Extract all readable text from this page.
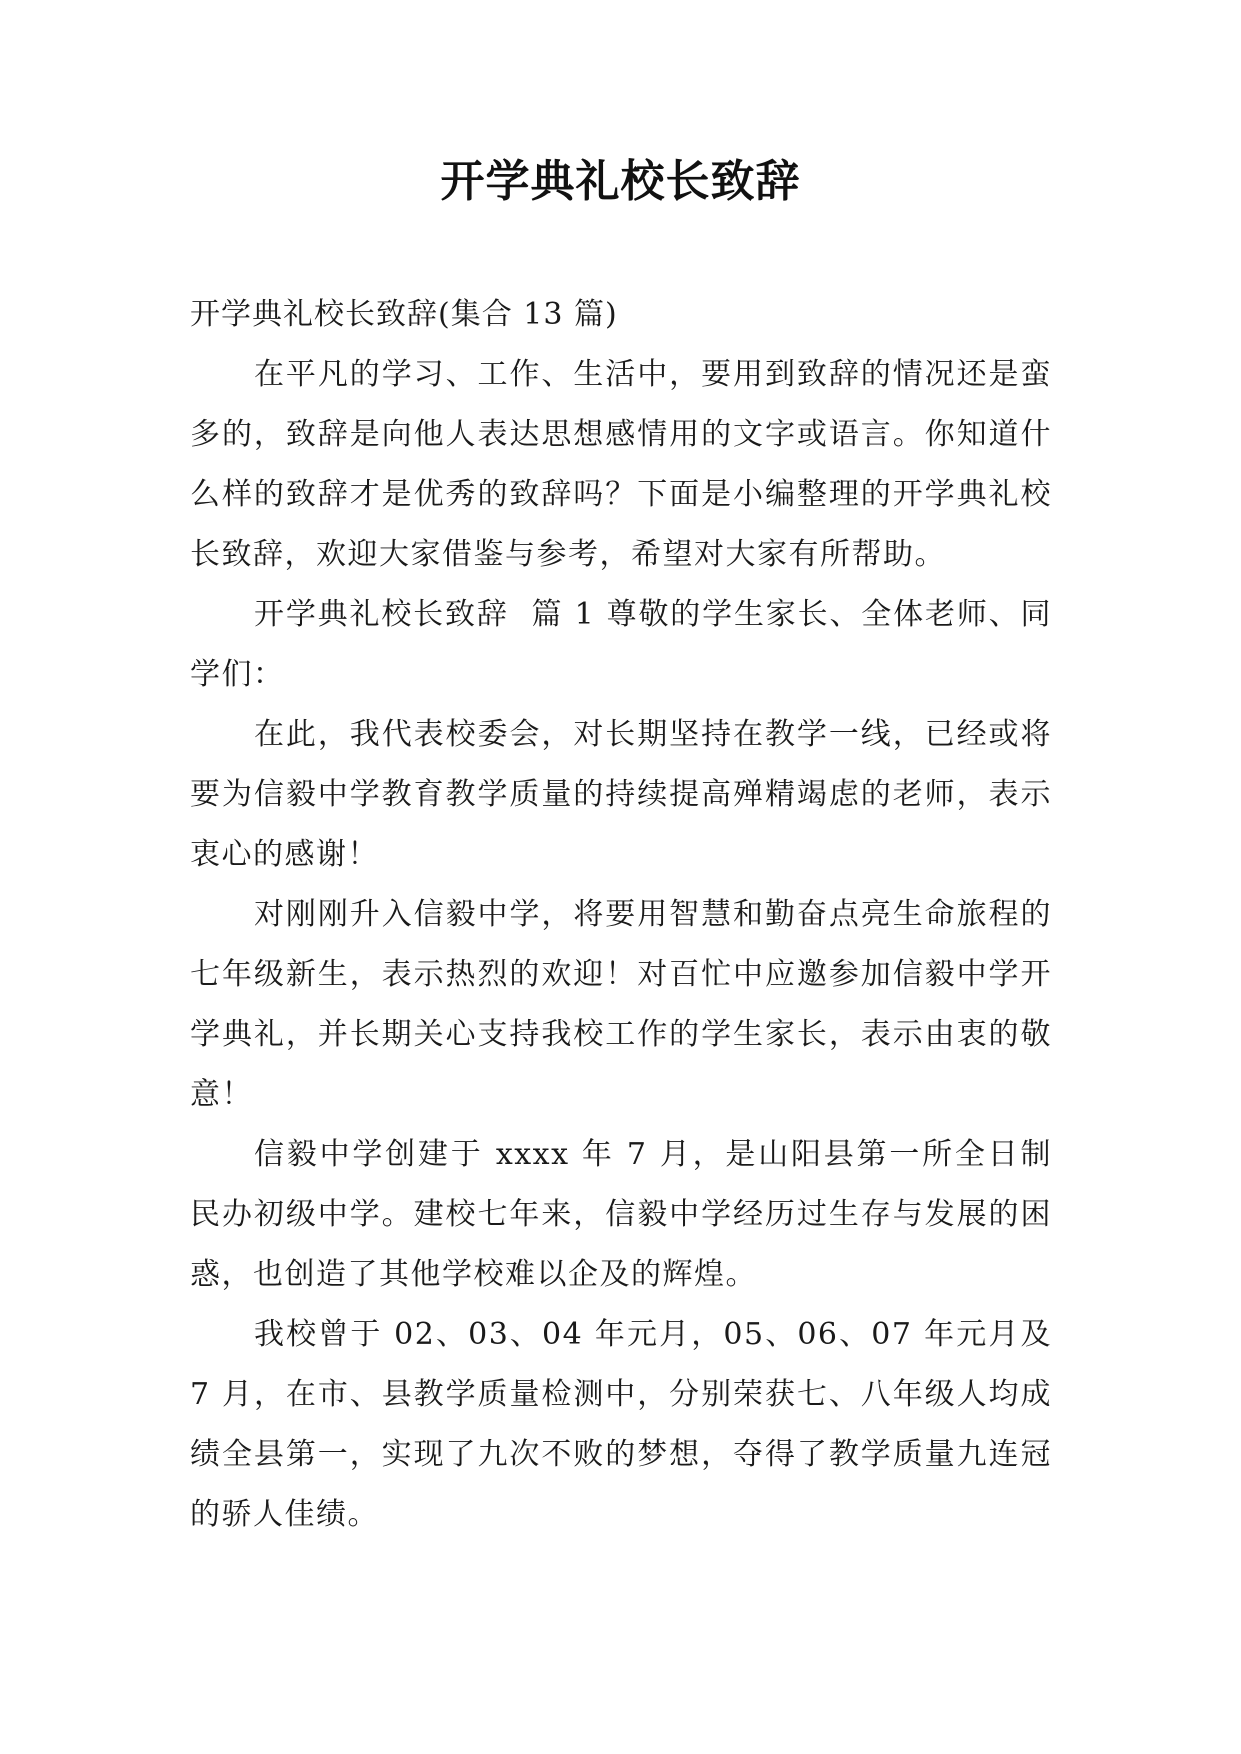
开学典礼校长致辞

开学典礼校长致辞(集合 13 篇)

在平凡的学习、工作、生活中，要用到致辞的情况还是蛮多的，致辞是向他人表达思想感情用的文字或语言。你知道什么样的致辞才是优秀的致辞吗？下面是小编整理的开学典礼校长致辞，欢迎大家借鉴与参考，希望对大家有所帮助。

开学典礼校长致辞  篇 1 尊敬的学生家长、全体老师、同学们：

在此，我代表校委会，对长期坚持在教学一线，已经或将要为信毅中学教育教学质量的持续提高殚精竭虑的老师，表示衷心的感谢！

对刚刚升入信毅中学，将要用智慧和勤奋点亮生命旅程的七年级新生，表示热烈的欢迎！对百忙中应邀参加信毅中学开学典礼，并长期关心支持我校工作的学生家长，表示由衷的敬意！

信毅中学创建于 xxxx 年 7 月，是山阳县第一所全日制民办初级中学。建校七年来，信毅中学经历过生存与发展的困惑，也创造了其他学校难以企及的辉煌。

我校曾于 02、03、04 年元月，05、06、07 年元月及 7 月，在市、县教学质量检测中，分别荣获七、八年级人均成绩全县第一，实现了九次不败的梦想，夺得了教学质量九连冠的骄人佳绩。
